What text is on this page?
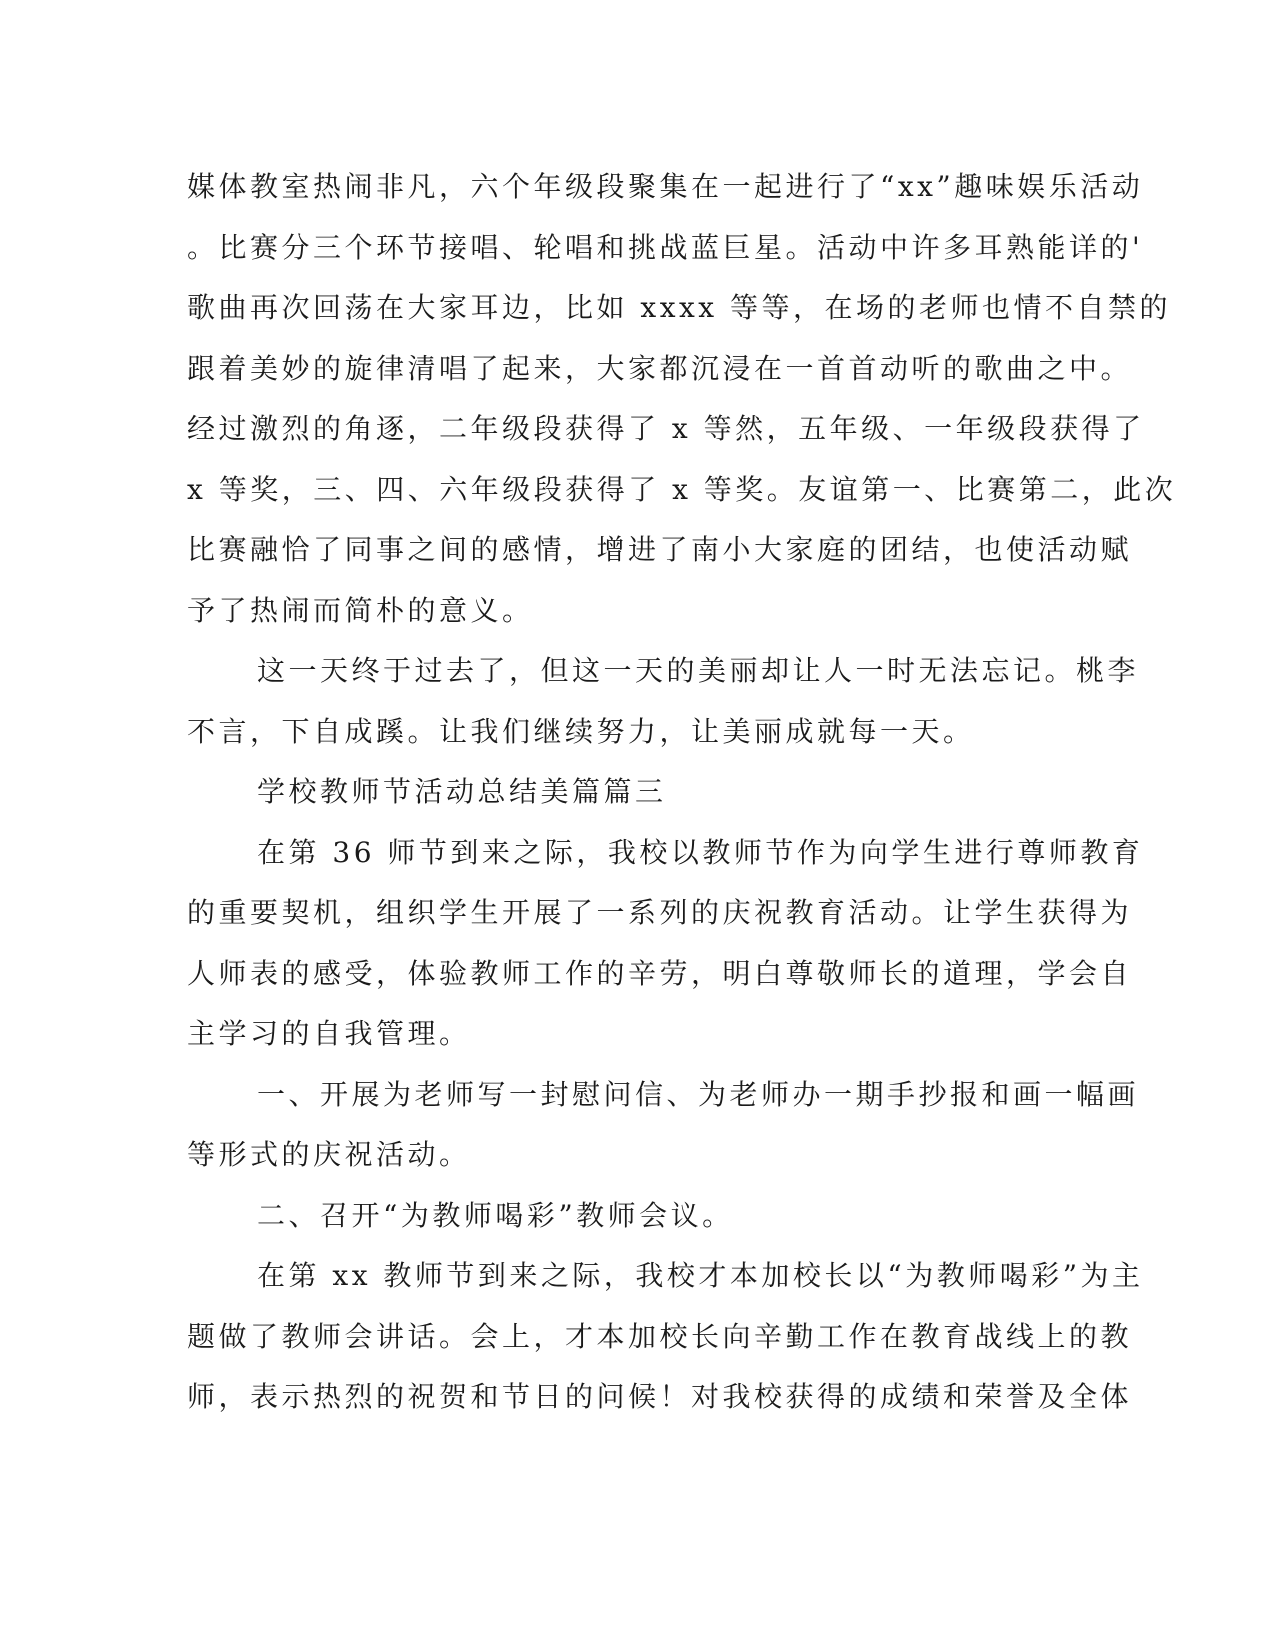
媒体教室热闹非凡，六个年级段聚集在一起进行了“xx”趣味娱乐活动
。比赛分三个环节接唱、轮唱和挑战蓝巨星。活动中许多耳熟能详的'
歌曲再次回荡在大家耳边，比如 xxxx 等等，在场的老师也情不自禁的
跟着美妙的旋律清唱了起来，大家都沉浸在一首首动听的歌曲之中。
经过激烈的角逐，二年级段获得了 x 等然，五年级、一年级段获得了
x 等奖，三、四、六年级段获得了 x 等奖。友谊第一、比赛第二，此次
比赛融恰了同事之间的感情，增进了南小大家庭的团结，也使活动赋
予了热闹而简朴的意义。
这一天终于过去了，但这一天的美丽却让人一时无法忘记。桃李
不言，下自成蹊。让我们继续努力，让美丽成就每一天。
学校教师节活动总结美篇篇三
在第 36 师节到来之际，我校以教师节作为向学生进行尊师教育
的重要契机，组织学生开展了一系列的庆祝教育活动。让学生获得为
人师表的感受，体验教师工作的辛劳，明白尊敬师长的道理，学会自
主学习的自我管理。
一、开展为老师写一封慰问信、为老师办一期手抄报和画一幅画
等形式的庆祝活动。
二、召开“为教师喝彩”教师会议。
在第 xx 教师节到来之际，我校才本加校长以“为教师喝彩”为主
题做了教师会讲话。会上，才本加校长向辛勤工作在教育战线上的教
师，表示热烈的祝贺和节日的问候！对我校获得的成绩和荣誉及全体
